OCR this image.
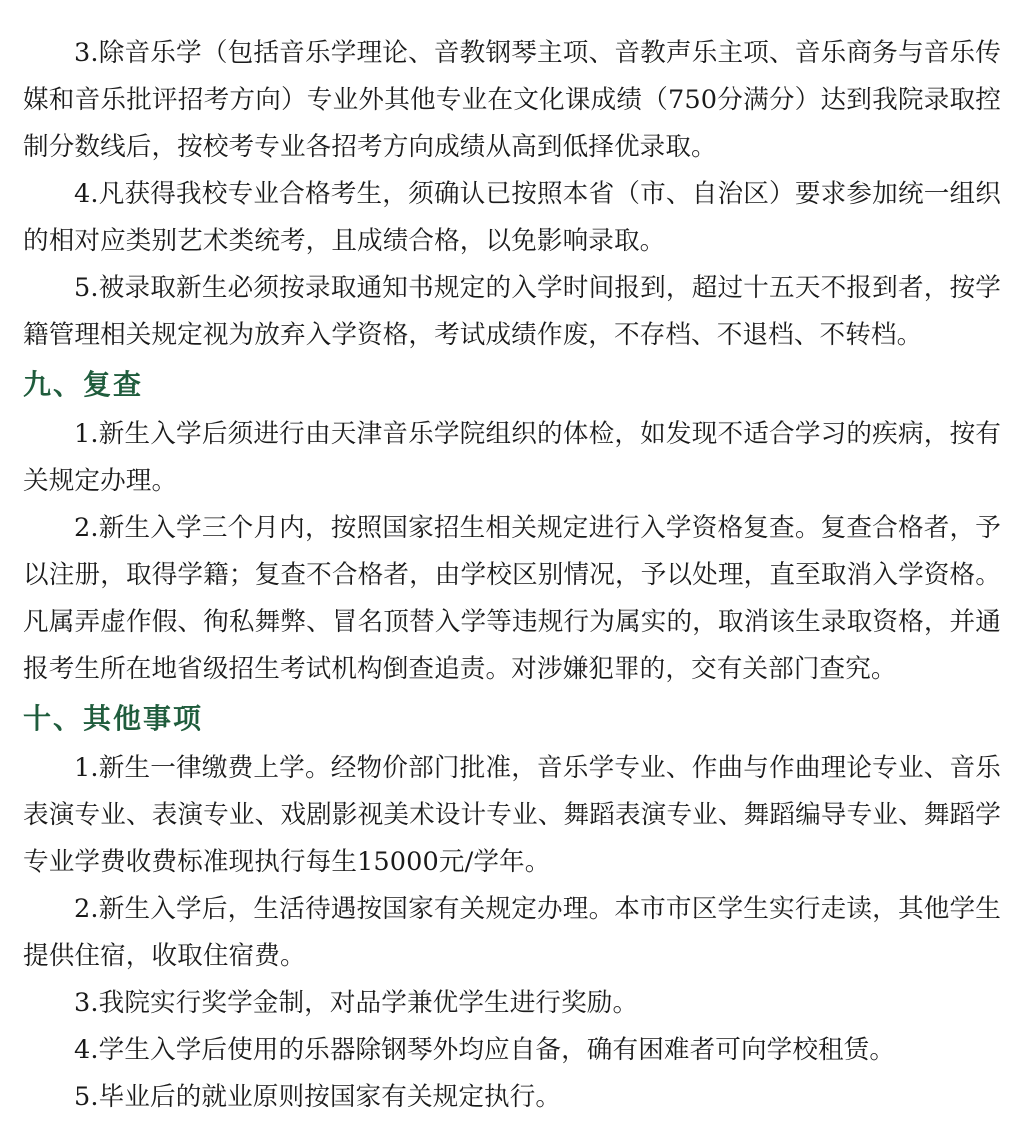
3.除音乐学（包括音乐学理论、音教钢琴主项、音教声乐主项、音乐商务与音乐传媒和音乐批评招考方向）专业外其他专业在文化课成绩（750分满分）达到我院录取控制分数线后，按校考专业各招考方向成绩从高到低择优录取。

4.凡获得我校专业合格考生，须确认已按照本省（市、自治区）要求参加统一组织的相对应类别艺术类统考，且成绩合格，以免影响录取。

5.被录取新生必须按录取通知书规定的入学时间报到，超过十五天不报到者，按学籍管理相关规定视为放弃入学资格，考试成绩作废，不存档、不退档、不转档。

九、复查

1.新生入学后须进行由天津音乐学院组织的体检，如发现不适合学习的疾病，按有关规定办理。

2.新生入学三个月内，按照国家招生相关规定进行入学资格复查。复查合格者，予以注册，取得学籍；复查不合格者，由学校区别情况，予以处理，直至取消入学资格。凡属弄虚作假、徇私舞弊、冒名顶替入学等违规行为属实的，取消该生录取资格，并通报考生所在地省级招生考试机构倒查追责。对涉嫌犯罪的，交有关部门查究。

十、其他事项

1.新生一律缴费上学。经物价部门批准，音乐学专业、作曲与作曲理论专业、音乐表演专业、表演专业、戏剧影视美术设计专业、舞蹈表演专业、舞蹈编导专业、舞蹈学专业学费收费标准现执行每生15000元/学年。

2.新生入学后，生活待遇按国家有关规定办理。本市市区学生实行走读，其他学生提供住宿，收取住宿费。

3.我院实行奖学金制，对品学兼优学生进行奖励。

4.学生入学后使用的乐器除钢琴外均应自备，确有困难者可向学校租赁。

5.毕业后的就业原则按国家有关规定执行。
